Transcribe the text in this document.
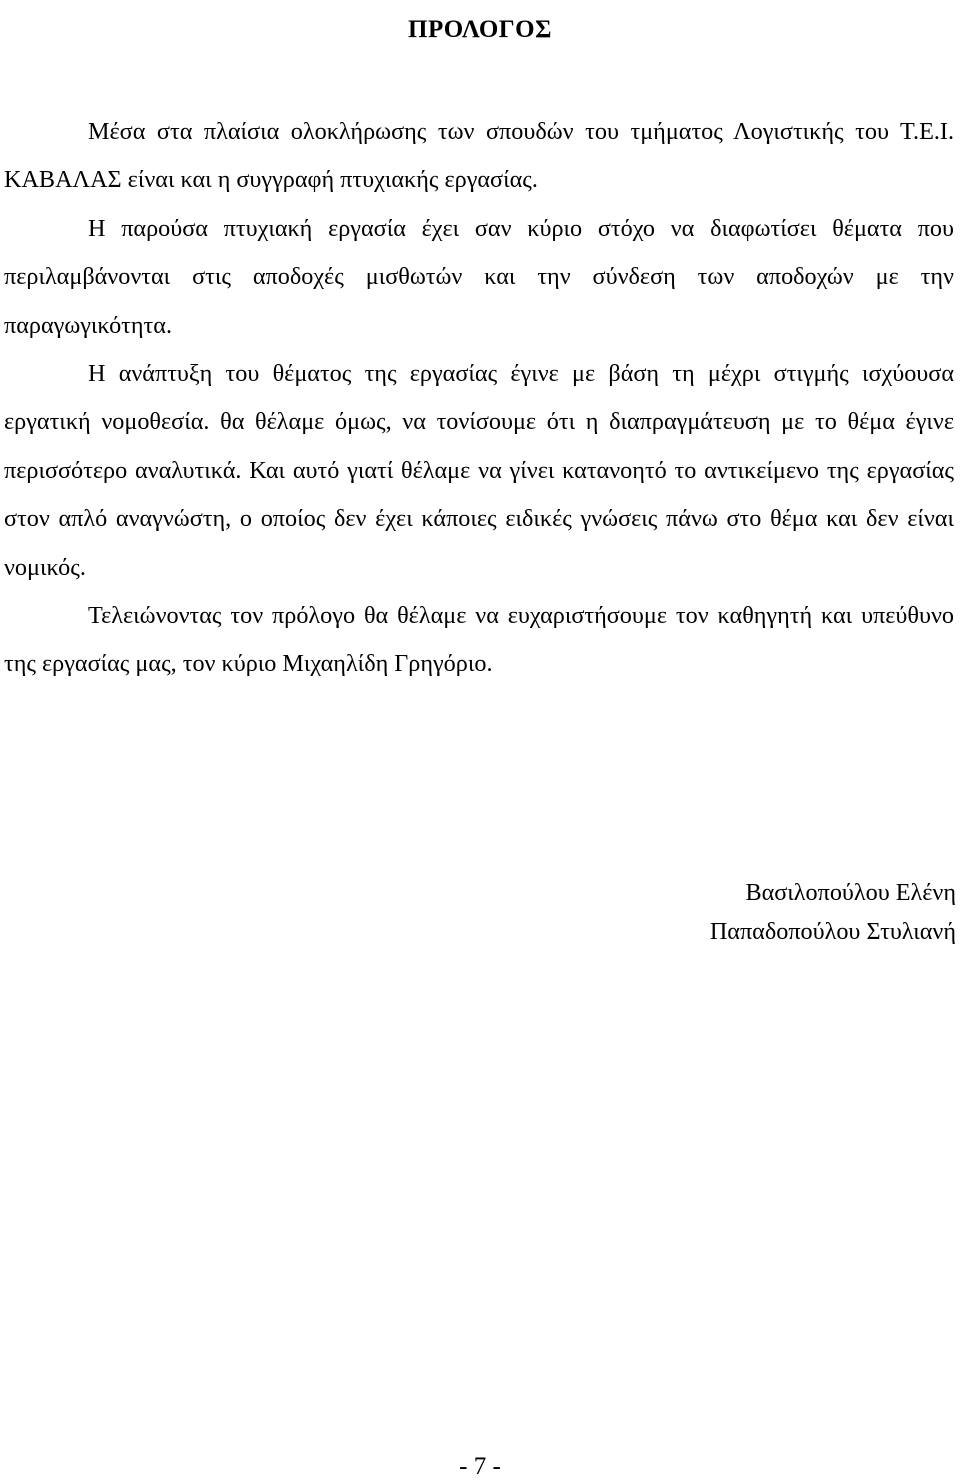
ΠΡΟΛΟΓΟΣ

Μέσα στα πλαίσια ολοκλήρωσης των σπουδών του τμήματος Λογιστικής του Τ.Ε.Ι. ΚΑΒΑΛΑΣ είναι και η συγγραφή πτυχιακής εργασίας.

Η παρούσα πτυχιακή εργασία έχει σαν κύριο στόχο να διαφωτίσει θέματα που περιλαμβάνονται στις αποδοχές μισθωτών και την σύνδεση των αποδοχών με την παραγωγικότητα.

Η ανάπτυξη του θέματος της εργασίας έγινε με βάση τη μέχρι στιγμής ισχύουσα εργατική νομοθεσία. θα θέλαμε όμως, να τονίσουμε ότι η διαπραγμάτευση με το θέμα έγινε περισσότερο αναλυτικά. Και αυτό γιατί θέλαμε να γίνει κατανοητό το αντικείμενο της εργασίας στον απλό αναγνώστη, ο οποίος δεν έχει κάποιες ειδικές γνώσεις πάνω στο θέμα και δεν είναι νομικός.

Τελειώνοντας τον πρόλογο θα θέλαμε να ευχαριστήσουμε τον καθηγητή και υπεύθυνο της εργασίας μας, τον κύριο Μιχαηλίδη Γρηγόριο.

Βασιλοπούλου Ελένη
Παπαδοπούλου Στυλιανή
- 7 -
